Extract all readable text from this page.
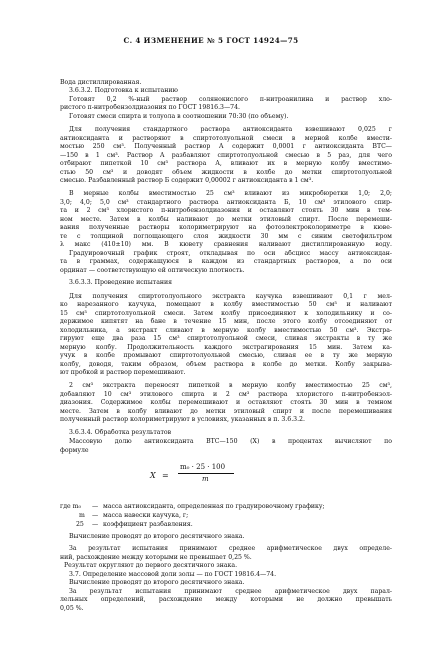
С. 4 ИЗМЕНЕНИЕ № 5 ГОСТ 14924—75
Вода дистиллированная.
3.6.3.2. Подготовка к испытанию
Готовят 0,2 %-ный раствор солянокислого п-нитроанилина и раствор хло-
ристого п-нитробензолдиазония по ГОСТ 19816.3—74.
Готовят смеси спирта и толуола в соотношении 70:30 (по объему).
Для получения стандартного раствора антиоксиданта взвешивают 0,025 г
антиоксиданта и растворяют в спиртотолуольной смеси в мерной колбе вмести-
мостью 250 см³. Полученный раствор А содержит 0,0001 г антиоксиданта ВТС—
—150 в 1 см³. Раствор А разбавляют спиртотолуольной смесью в 5 раз, для чего
отбирают пипеткой 10 см³ раствора А, вливают их в мерную колбу вместимо-
стью 50 см³ и доводят объем жидкости в колбе до метки спиртотолуольной
смесью. Разбавленный раствор Б содержит 0,00002 г антиоксиданта в 1 см³.
В мерные колбы вместимостью 25 см³ вливают из микробюретки 1,0; 2,0;
3,0; 4,0; 5,0 см³ стандартного раствора антиоксиданта Б, 10 см³ этилового спир-
та и 2 см³ хлористого п-нитробензолдиазония и оставляют стоять 30 мин в тем-
ном месте. Затем в колбы наливают до метки этиловый спирт. После перемеши-
вания полученные растворы колориметрируют на фотоэлектроколориметре в кюве-
те с толщиной поглощающего слоя жидкости 30 мм с синим светофильтром
λ макс (410±10) мм. В кювету сравнения наливают дистиллированную воду.
Градуировочный график строят, откладывая по оси абсцисс массу антиоксидан-
та в граммах, содержащуюся в каждом из стандартных растворов, а по оси
ординат — соответствующую ей оптическую плотность.
3.6.3.3. Проведение испытания
Для получения спиртотолуольного экстракта каучука взвешивают 0,1 г мел-
ко нарезанного каучука, помещают в колбу вместимостью 50 см³ и наливают
15 см³ спиртотолуольной смеси. Затем колбу присоединяют к холодильнику и со-
держимое кипятят на бане в течение 15 мин, после этого колбу отсоединяют от
холодильника, а экстракт сливают в мерную колбу вместимостью 50 см³. Экстра-
гируют еще два раза 15 см³ спиртотолуольной смеси, сливая экстракты в ту же
мерную колбу. Продолжительность каждого экстрагирования 15 мин. Затем ка-
учук в колбе промывают спиртотолуольной смесью, сливая ее в ту же мерную
колбу, доводя, таким образом, объем раствора в колбе до метки. Колбу закрыва-
ют пробкой и раствор перемешивают.
2 см³ экстракта переносят пипеткой в мерную колбу вместимостью 25 см³,
добавляют 10 см³ этилового спирта и 2 см³ раствора хлористого п-нитробензол-
диазония. Содержимое колбы перемешивают и оставляют стоять 30 мин в темном
месте. Затем в колбу вливают до метки этиловый спирт и после перемешивания
полученный раствор колориметрируют в условиях, указанных в п. 3.6.3.2.
3.6.3.4. Обработка результатов
Массовую долю антиоксиданта ВТС—150 (X) в процентах вычисляют по
формуле
X =
m₀ · 25 · 100
m
где m₀ — масса антиоксиданта, определенная по градуировочному графику;
m — масса навески каучука, г;
25 — коэффициент разбавления.
Вычисление проводят до второго десятичного знака.
За результат испытания принимают среднее арифметическое двух определе-
ний, расхождение между которыми не превышает 0,25 %.
Результат округляют до первого десятичного знака.
3.7. Определение массовой доли золы — по ГОСТ 19816.4—74.
Вычисление проводят до второго десятичного знака.
За результат испытания принимают среднее арифметическое двух парал-
лельных определений, расхождение между которыми не должно превышать
0,05 %.
